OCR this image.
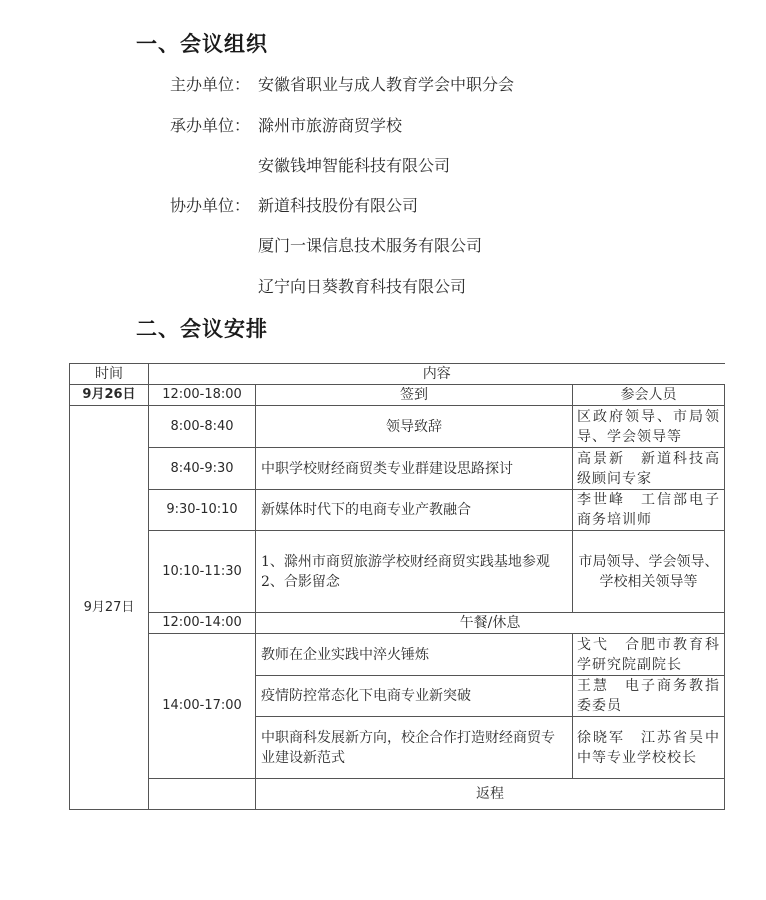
一、会议组织
主办单位： 安徽省职业与成人教育学会中职分会
承办单位： 滁州市旅游商贸学校
安徽钱坤智能科技有限公司
协办单位： 新道科技股份有限公司
厦门一课信息技术服务有限公司
辽宁向日葵教育科技有限公司
二、会议安排
时间	内容		
9月26日	12:00-18:00	签到	参会人员
9月27日	8:00-8:40	领导致辞	区政府领导、市局领导、学会领导等
	8:40-9:30	中职学校财经商贸类专业群建设思路探讨	高景新　新道科技高级顾问专家
	9:30-10:10	新媒体时代下的电商专业产教融合	李世峰　工信部电子商务培训师
	10:10-11:30	1、滁州市商贸旅游学校财经商贸实践基地参观
2、合影留念	市局领导、学会领导、学校相关领导等
	12:00-14:00	午餐/休息	
	14:00-17:00	教师在企业实践中淬火锤炼	戈弋　合肥市教育科学研究院副院长
		疫情防控常态化下电商专业新突破	王慧　电子商务教指委委员
		中职商科发展新方向，校企合作打造财经商贸专业建设新范式	徐晓军　江苏省吴中中等专业学校校长
		返程	
